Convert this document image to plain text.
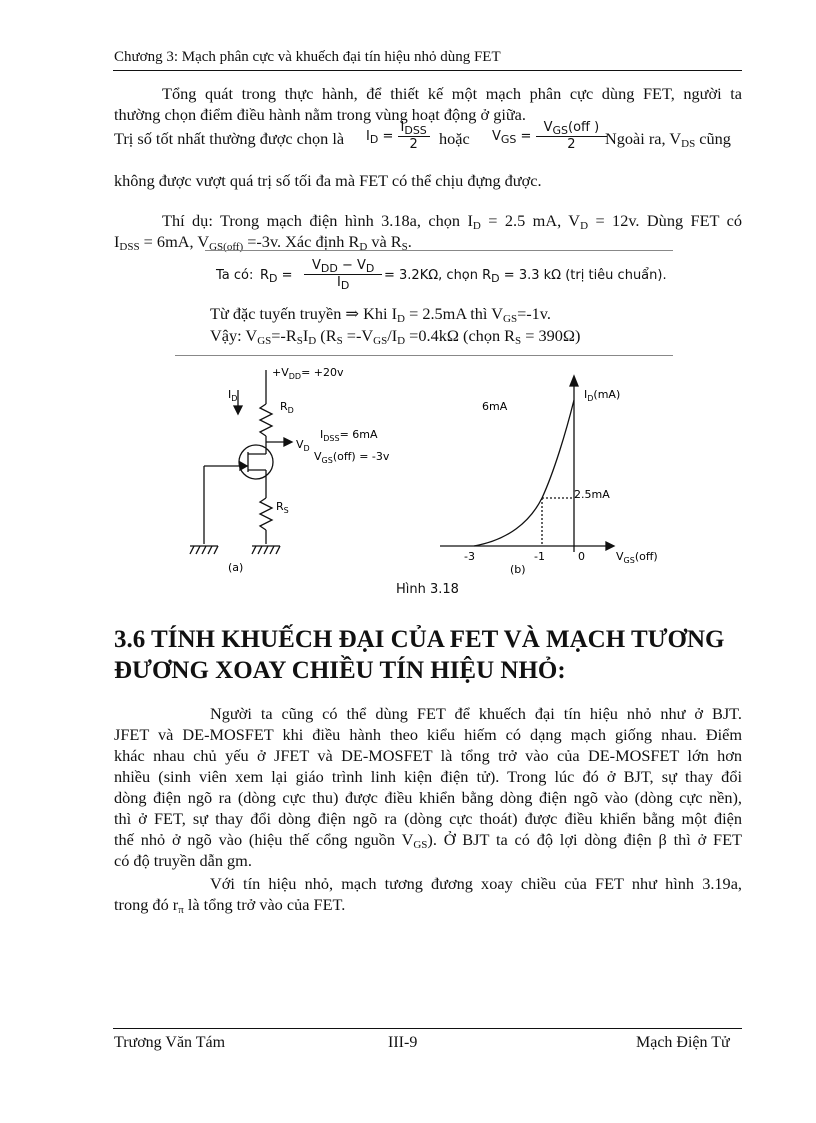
Chương 3: Mạch phân cực và khuếch đại tín hiệu nhỏ dùng FET
Tổng quát trong thực hành, để thiết kế một mạch phân cực dùng FET, người ta
thường chọn điểm điều hành nằm trong vùng hoạt động ở giữa.
Trị số tốt nhất thường được chọn là $I_D = \frac{I_{DSS}}{2}$ hoặc $V_{GS} = \frac{V_{GS}(off )}{2}$
Ngoài ra, $V_{DS}$ cũng
không được vượt quá trị số tối đa mà FET có thể chịu đựng được.
Thí dụ: Trong mạch điện hình 3.18a, chọn $I_D = 2.5$ mA, $V_D = 12v$. Dùng FET có
$I_{DSS} = 6mA$, $V_{GS(off)} =-3v$. Xác định $R_D$ và $R_S$.
Ta có: $R_D$ =
$V_{DD} - V_D$
$I_D$
= 3.2KΩ, chọn $R_D = 3.3$ kΩ (trị tiêu chuẩn).
Từ đặc tuyến truyền ⇒ Khi $I_D = 2.5mA$ thì $V_{GS}=-1v$.
Vậy: $V_{GS}=-R_SI_D$ ($R_S =-V_{GS}/I_D =0.4k\Omega$ (chọn $R_S = 390\Omega$)
$+V_{DD}= +20v$
$I_D$
$R_D$
$V_D$
$I_{DSS}= 6mA$
$V_{GS}(off) = -3v$
$R_S$
(a)
$I_D(mA)$
6mA
2.5mA
-3	-1	0	$V_{GS}(off)$
(b)
Hình 3.18
3.6 TÍNH KHUẾCH ĐẠI CỦA FET VÀ MẠCH TƯƠNG
ĐƯƠNG XOAY CHIỀU TÍN HIỆU NHỎ:
Người ta cũng có thể dùng FET để khuếch đại tín hiệu nhỏ như ở BJT.
JFET và DE-MOSFET khi điều hành theo kiểu hiếm có dạng mạch giống nhau. Điểm
khác nhau chủ yếu ở JFET và DE-MOSFET là tổng trở vào của DE-MOSFET lớn hơn
nhiều (sinh viên xem lại giáo trình linh kiện điện tử). Trong lúc đó ở BJT, sự thay đổi
dòng điện ngõ ra (dòng cực thu) được điều khiển bằng dòng điện ngõ vào (dòng cực nền),
thì ở FET, sự thay đổi dòng điện ngõ ra (dòng cực thoát) được điều khiển bằng một điện
thế nhỏ ở ngõ vào (hiệu thế cổng nguồn $V_{GS}$). Ở BJT ta có độ lợi dòng điện β thì ở FET
có độ truyền dẫn gm.
Với tín hiệu nhỏ, mạch tương đương xoay chiều của FET như hình 3.19a,
trong đó $r_\pi$ là tổng trở vào của FET.
Trương Văn Tám	III-9	Mạch Điện Tử
